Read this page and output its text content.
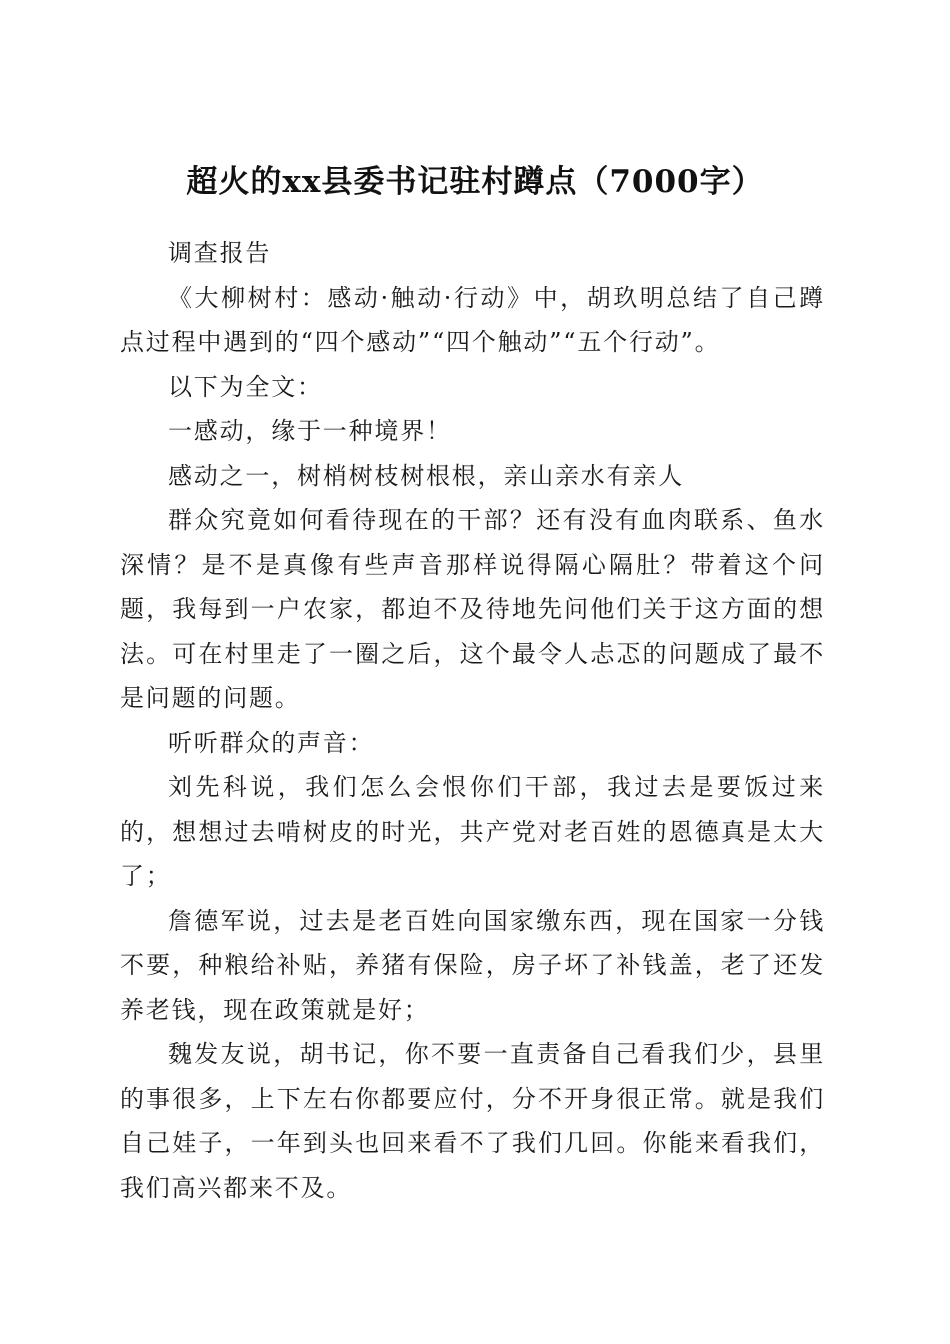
超火的xx县委书记驻村蹲点（7000字）

调查报告

《大柳树村：感动·触动·行动》中，胡玖明总结了自己蹲点过程中遇到的“四个感动”“四个触动”“五个行动”。

以下为全文：

一感动，缘于一种境界！

感动之一，树梢树枝树根根，亲山亲水有亲人

群众究竟如何看待现在的干部？还有没有血肉联系、鱼水深情？是不是真像有些声音那样说得隔心隔肚？带着这个问题，我每到一户农家，都迫不及待地先问他们关于这方面的想法。可在村里走了一圈之后，这个最令人忐忑的问题成了最不是问题的问题。

听听群众的声音：

刘先科说，我们怎么会恨你们干部，我过去是要饭过来的，想想过去啃树皮的时光，共产党对老百姓的恩德真是太大了；

詹德军说，过去是老百姓向国家缴东西，现在国家一分钱不要，种粮给补贴，养猪有保险，房子坏了补钱盖，老了还发养老钱，现在政策就是好；

魏发友说，胡书记，你不要一直责备自己看我们少，县里的事很多，上下左右你都要应付，分不开身很正常。就是我们自己娃子，一年到头也回来看不了我们几回。你能来看我们，我们高兴都来不及。
